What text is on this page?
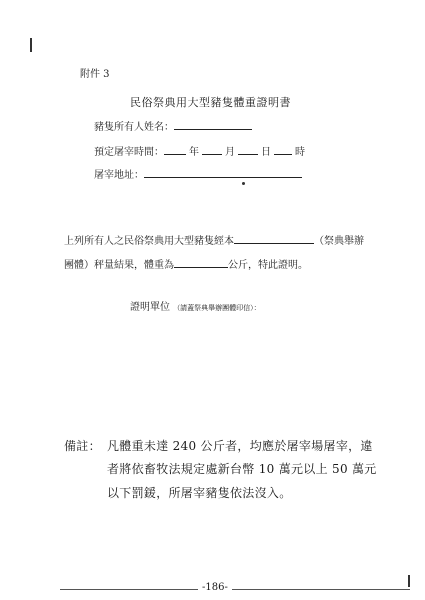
附件 3
民俗祭典用大型豬隻體重證明書
豬隻所有人姓名：
預定屠宰時間：	年	月	日 時
屠宰地址：
上列所有人之民俗祭典用大型豬隻經本	（祭典舉辦
團體）秤量結果，體重為	公斤，特此證明。
證明單位 （請蓋祭典舉辦團體印信）：
備註： 凡體重未達 240 公斤者，均應於屠宰場屠宰，違
者將依畜牧法規定處新台幣 10 萬元以上 50 萬元
以下罰鍰，所屠宰豬隻依法沒入。
-186-
